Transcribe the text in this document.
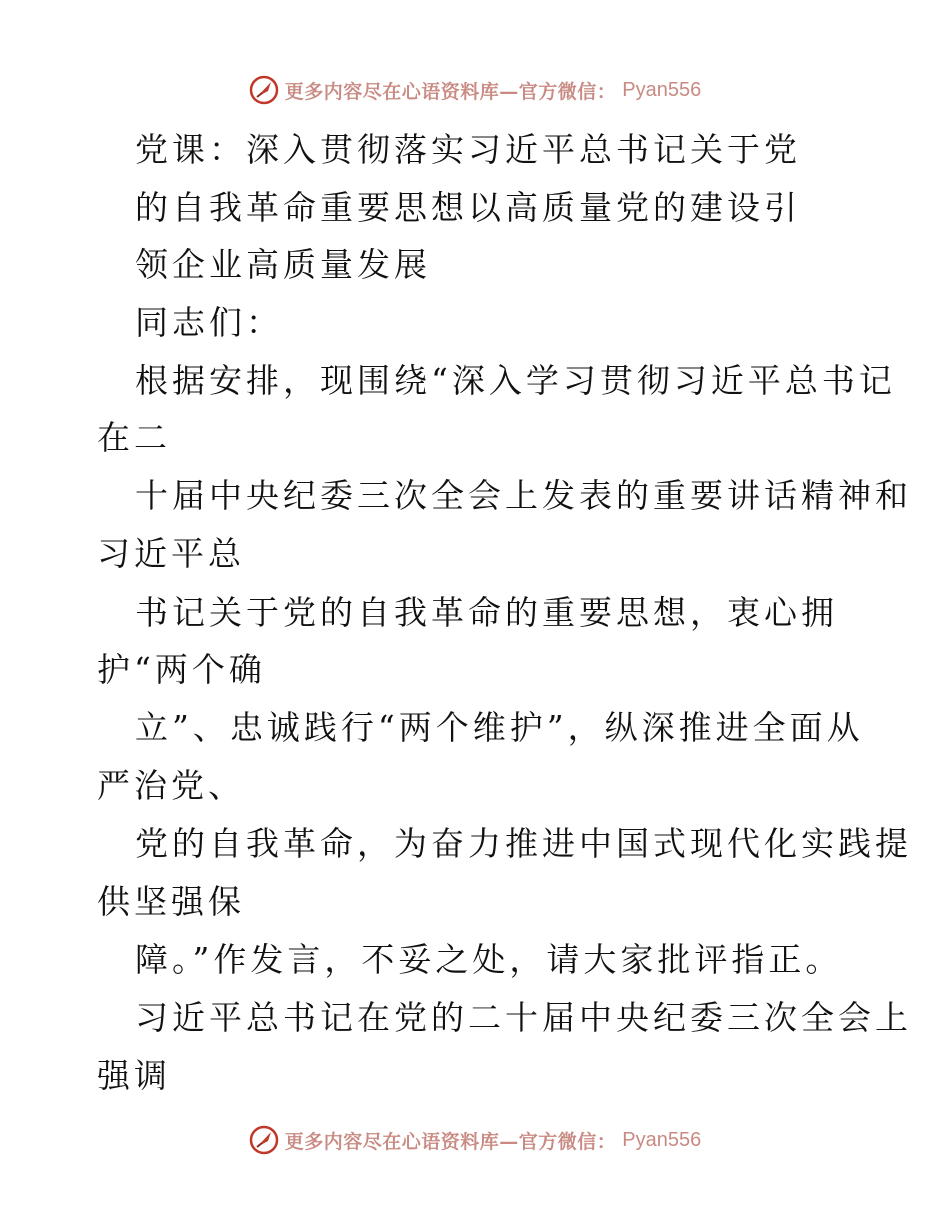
更多内容尽在心语资料库—官方微信： Pyan556
党课：深入贯彻落实习近平总书记关于党
的自我革命重要思想以高质量党的建设引
领企业高质量发展
同志们：
根据安排，现围绕“深入学习贯彻习近平总书记
在二
十届中央纪委三次全会上发表的重要讲话精神和
习近平总
书记关于党的自我革命的重要思想，衷心拥
护“两个确
立”、忠诚践行“两个维护”，纵深推进全面从
严治党、
党的自我革命，为奋力推进中国式现代化实践提
供坚强保
障。”作发言，不妥之处，请大家批评指正。
习近平总书记在党的二十届中央纪委三次全会上
强调
更多内容尽在心语资料库—官方微信： Pyan556
